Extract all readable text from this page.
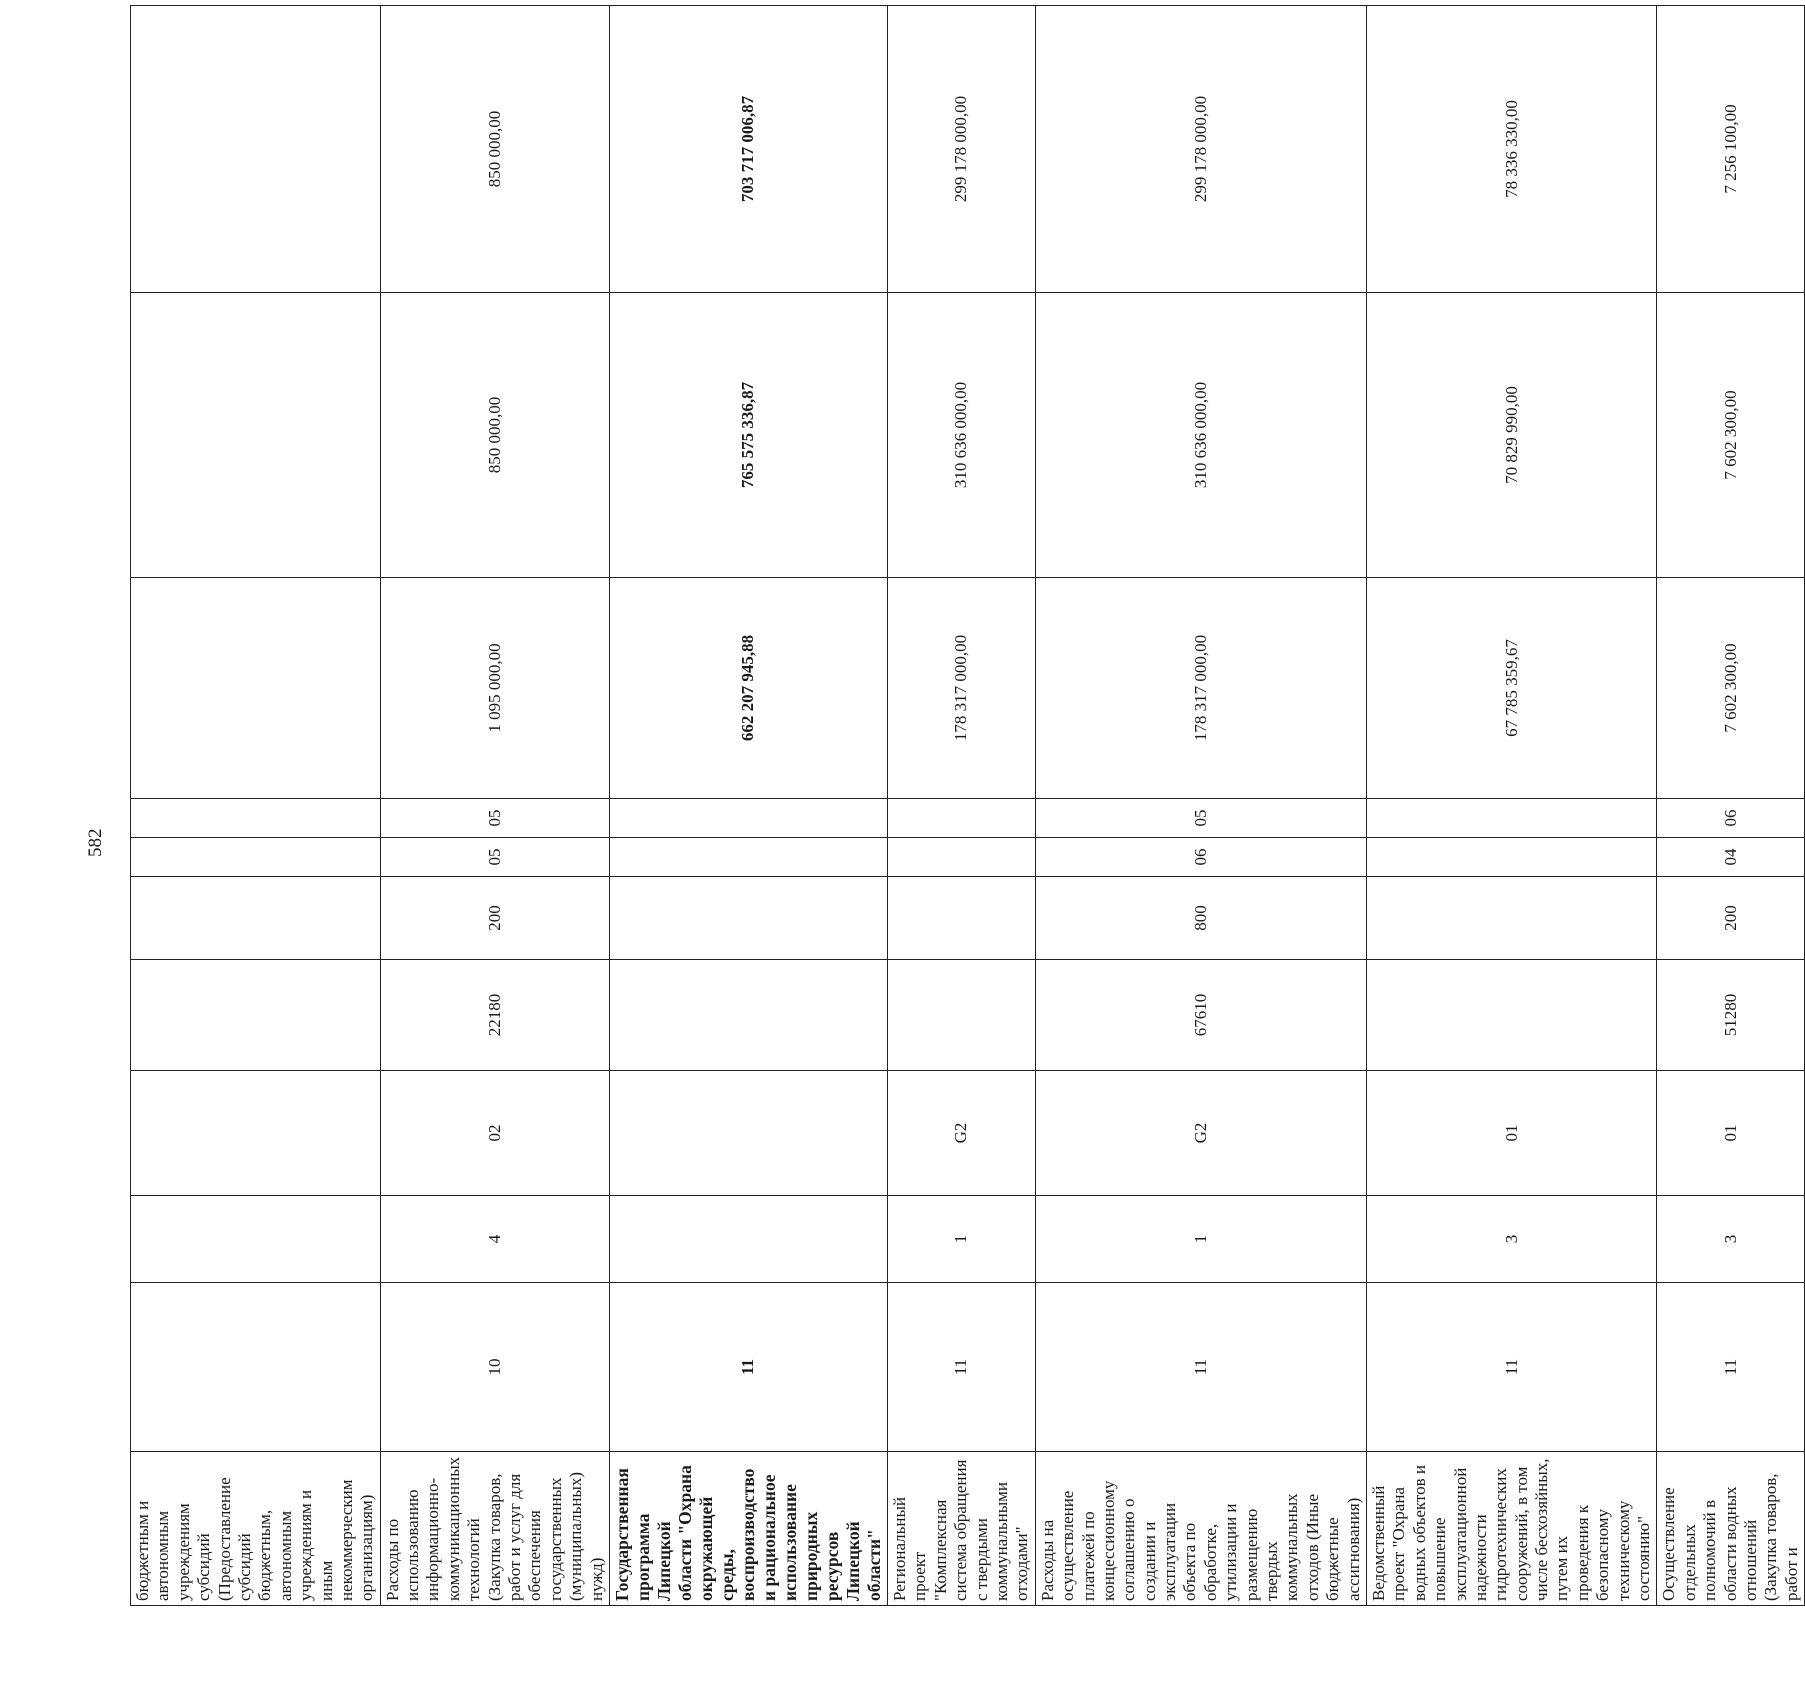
582
бюджетным и автономным учреждениям субсидий (Предоставление субсидий бюджетным, автономным учреждениям и иным некоммерческим организациям)										
Расходы по использованию информационно-коммуникационных технологий (Закупка товаров, работ и услуг для обеспечения государственных (муниципальных) нужд)	10	4	02	22180	200	05	05	1 095 000,00	850 000,00	850 000,00
Государственная программа Липецкой области "Охрана окружающей среды, воспроизводство и рациональное использование природных ресурсов Липецкой области"	11							662 207 945,88	765 575 336,87	703 717 006,87
Региональный проект "Комплексная система обращения с твердыми коммунальными отходами"	11	1	G2					178 317 000,00	310 636 000,00	299 178 000,00
Расходы на осуществление платежей по концессионному соглашению о создании и эксплуатации объекта по обработке, утилизации и размещению твердых коммунальных отходов (Иные бюджетные ассигнования)	11	1	G2	67610	800	06	05	178 317 000,00	310 636 000,00	299 178 000,00
Ведомственный проект "Охрана водных объектов и повышение эксплуатационной надежности гидротехнических сооружений, в том числе бесхозяйных, путем их проведения к безопасному техническому состоянию"	11	3	01					67 785 359,67	70 829 990,00	78 336 330,00
Осуществление отдельных полномочий в области водных отношений (Закупка товаров, работ и	11	3	01	51280	200	04	06	7 602 300,00	7 602 300,00	7 256 100,00
